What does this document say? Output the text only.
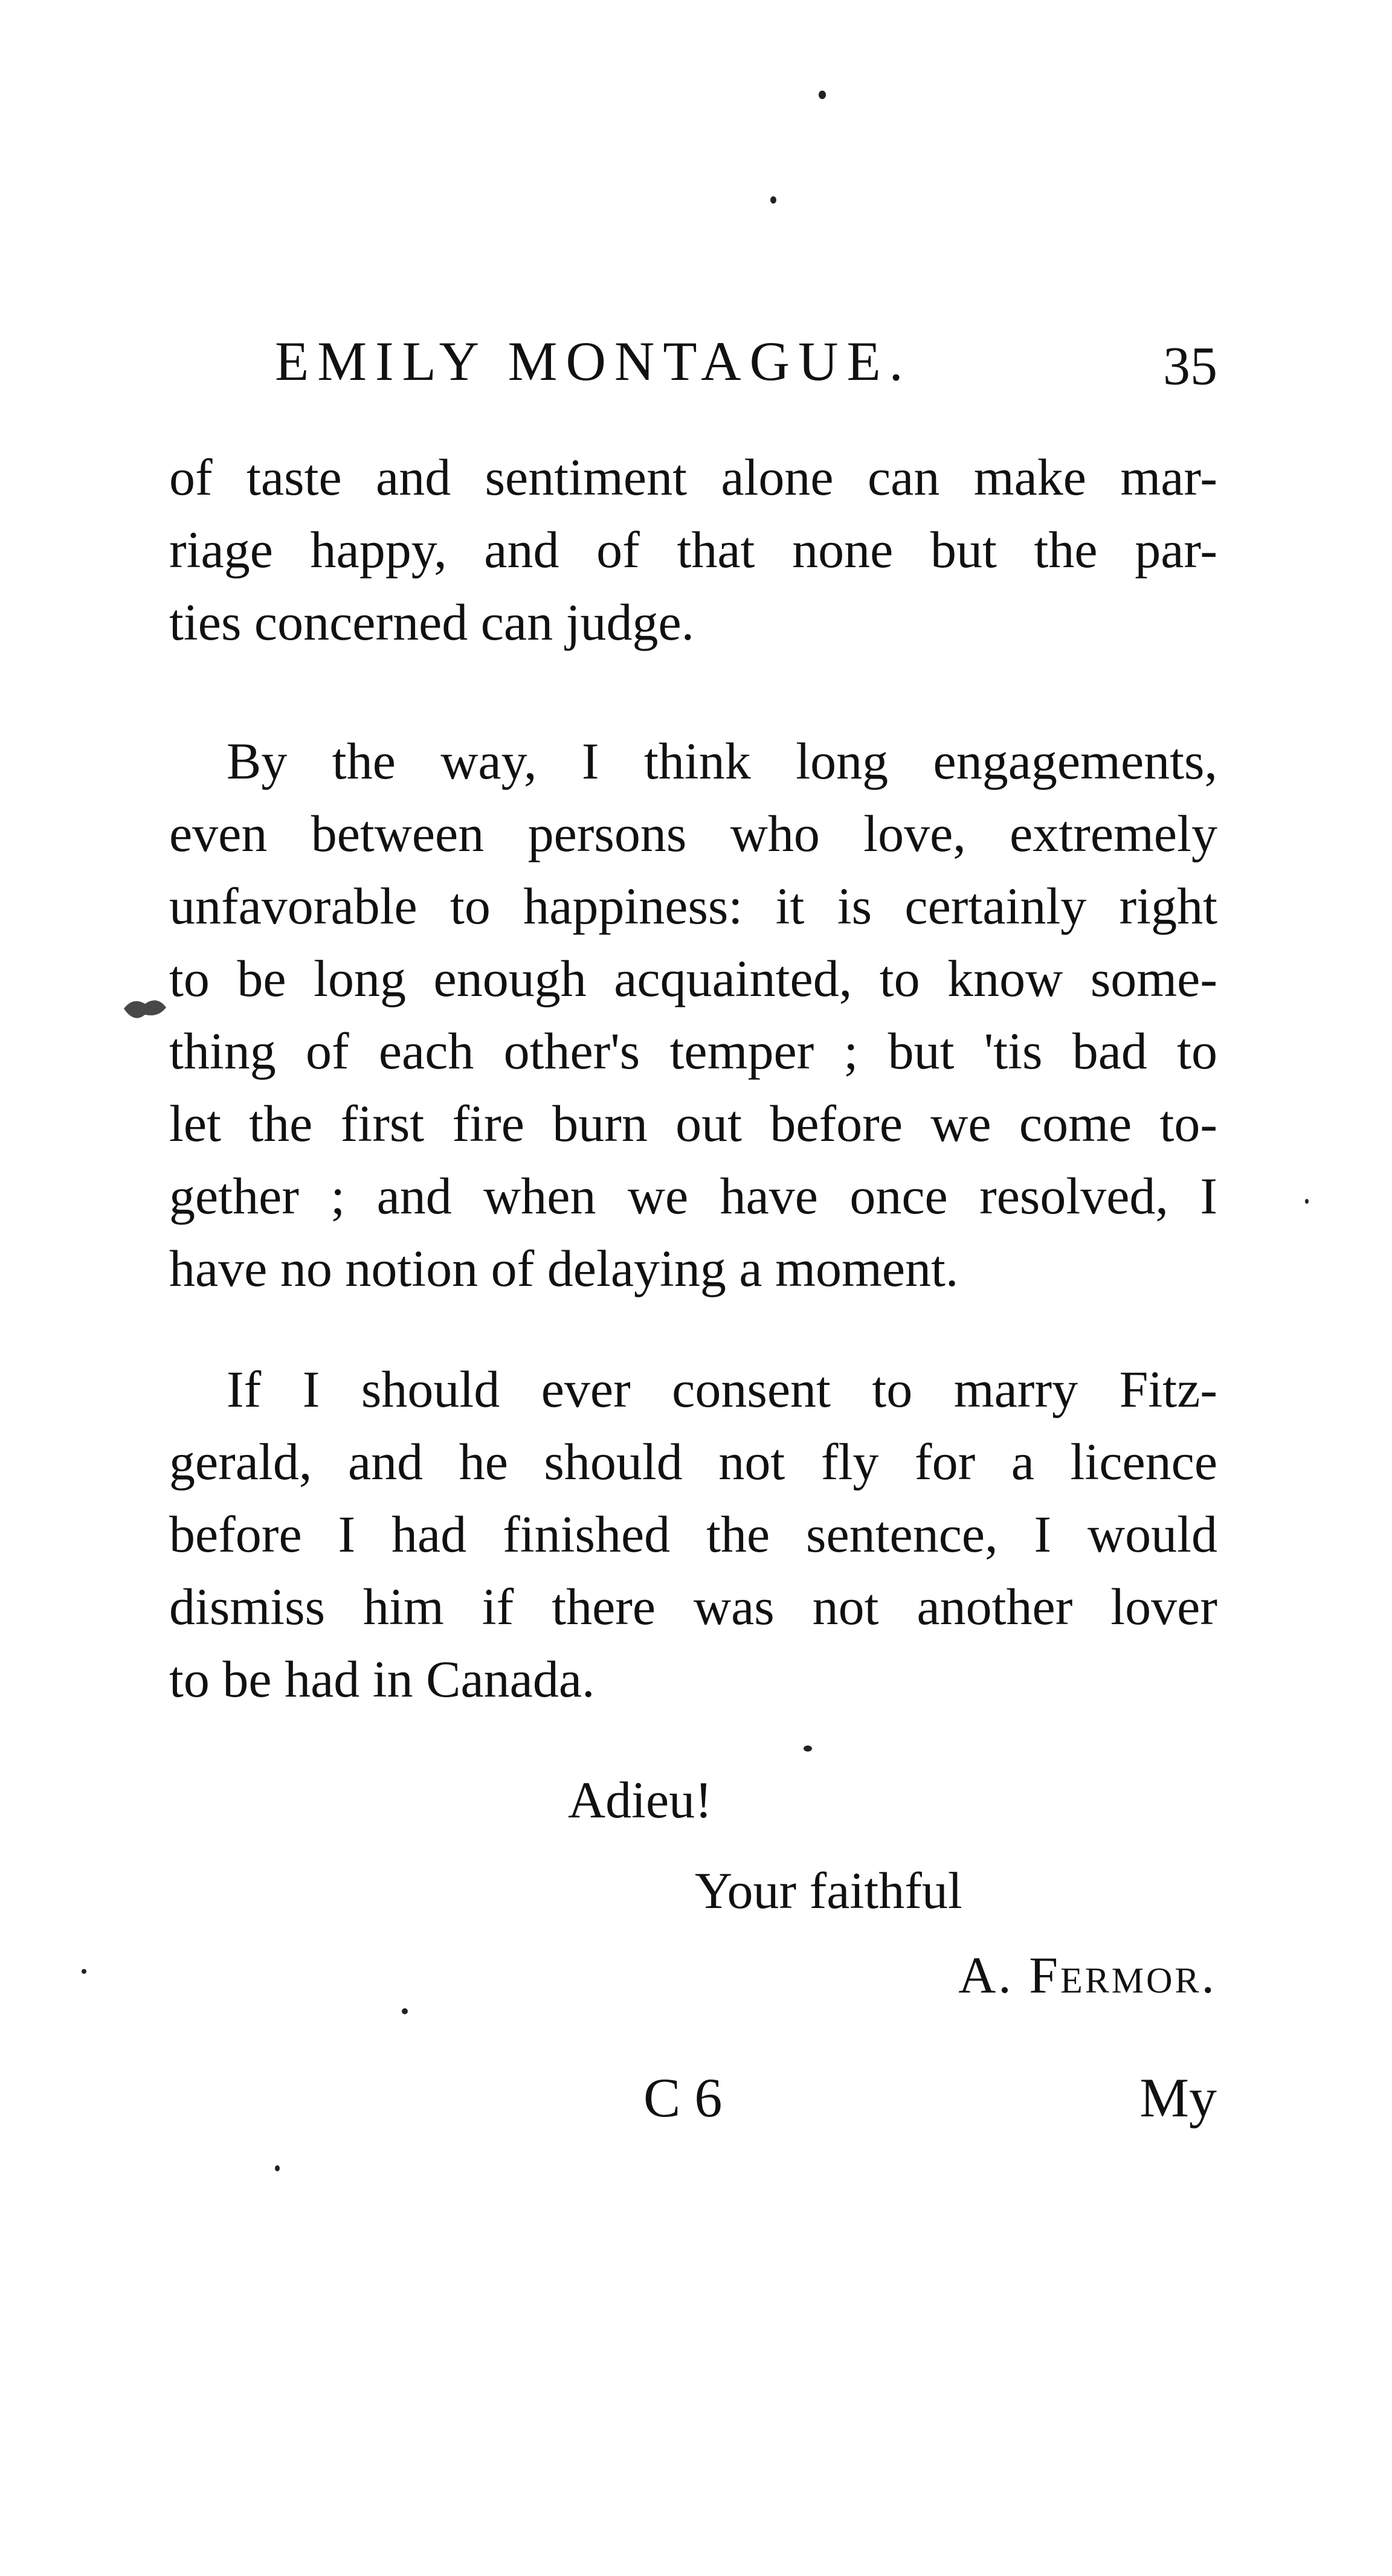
EMILY MONTAGUE.	35
of taste and sentiment alone can make mar-
riage happy, and of that none but the par-
ties concerned can judge.
By the way, I think long engagements,
even between persons who love, extremely
unfavorable to happiness: it is certainly right
to be long enough acquainted, to know some-
thing of each other's temper ; but 'tis bad to
let the first fire burn out before we come to-
gether ; and when we have once resolved, I
have no notion of delaying a moment.
If I should ever consent to marry Fitz-
gerald, and he should not fly for a licence
before I had finished the sentence, I would
dismiss him if there was not another lover
to be had in Canada.
Adieu!
Your faithful
A. Fermor.
C 6	My
